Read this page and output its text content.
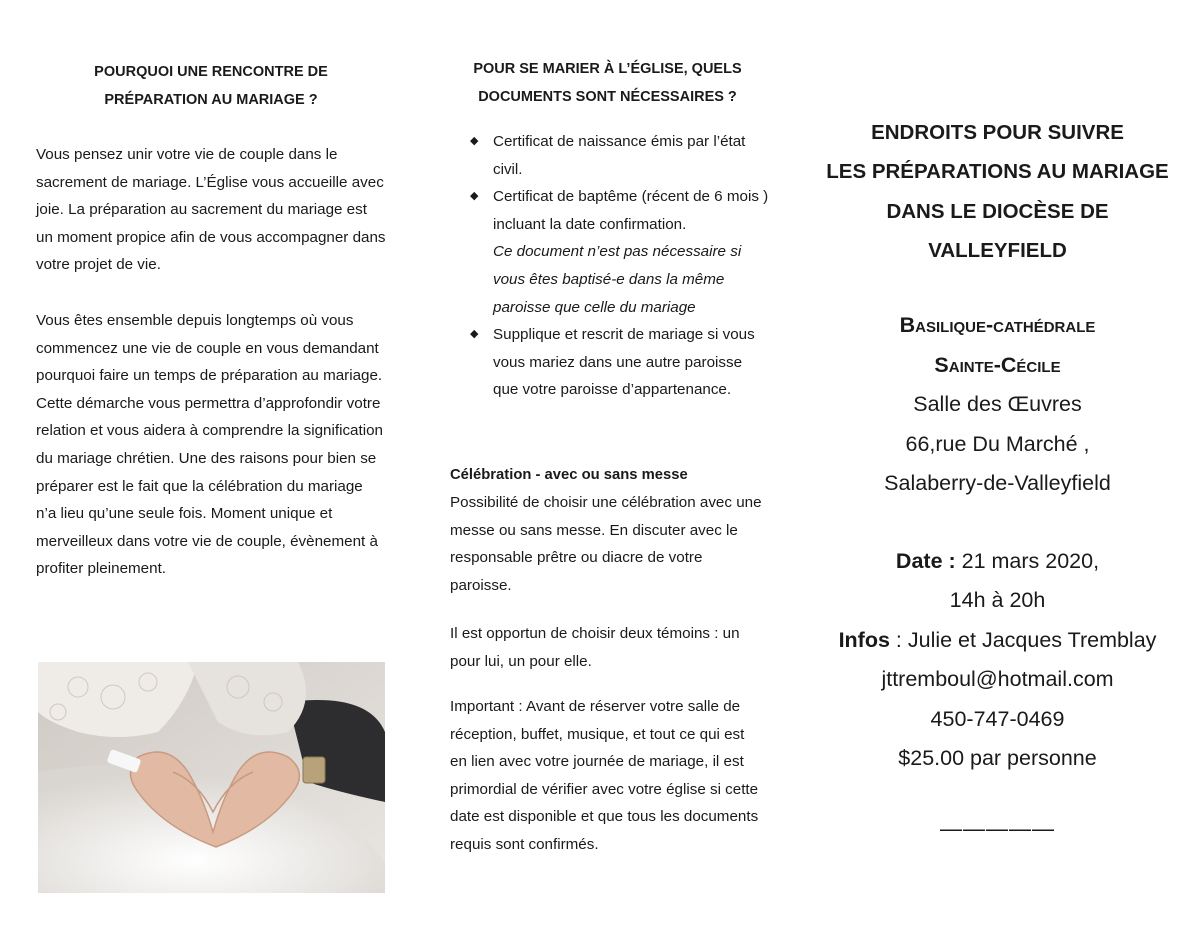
POURQUOI UNE RENCONTRE DE
PRÉPARATION AU MARIAGE ?

Vous pensez unir votre vie de couple dans le sacrement de mariage. L’Église vous accueille avec joie. La préparation au sacrement du mariage est un moment propice afin de vous accompagner dans votre projet de vie.

Vous êtes ensemble depuis longtemps où vous commencez une vie de couple en vous demandant pourquoi faire un temps de préparation au mariage. Cette démarche vous permettra d’approfondir votre relation et vous aidera à comprendre la signification du mariage chrétien. Une des raisons pour bien se préparer est le fait que la célébration du mariage n’a lieu qu’une seule fois. Moment unique et merveilleux dans votre vie de couple, évènement à profiter pleinement.

POUR SE MARIER À L’ÉGLISE, QUELS
DOCUMENTS SONT NÉCESSAIRES ?
◆ Certificat de naissance émis par l’état civil.
◆ Certificat de baptême (récent de 6 mois ) incluant la date confirmation.
Ce document n’est pas nécessaire si vous êtes baptisé-e dans la même paroisse que celle du mariage
◆ Supplique et rescrit de mariage si vous vous mariez dans une autre paroisse que votre paroisse d’appartenance.
Célébration - avec ou sans messe

Possibilité de choisir une célébration avec une messe ou sans messe. En discuter avec le responsable prêtre ou diacre de votre paroisse.

Il est opportun de choisir deux témoins : un pour lui, un pour elle.

Important : Avant de réserver votre salle de réception, buffet, musique, et tout ce qui est en lien avec votre journée de mariage, il est primordial de vérifier avec votre église si cette date est disponible et que tous les documents requis sont confirmés.

ENDROITS POUR SUIVRE
LES PRÉPARATIONS AU MARIAGE
DANS LE DIOCÈSE DE
VALLEYFIELD
Basilique-cathédrale
Sainte-Cécile
Salle des Œuvres
66,rue Du Marché ,
Salaberry-de-Valleyfield
Date : 21 mars 2020,
14h à 20h
Infos : Julie et Jacques Tremblay
jttremboul@hotmail.com
450-747-0469
$25.00 par personne
—————
